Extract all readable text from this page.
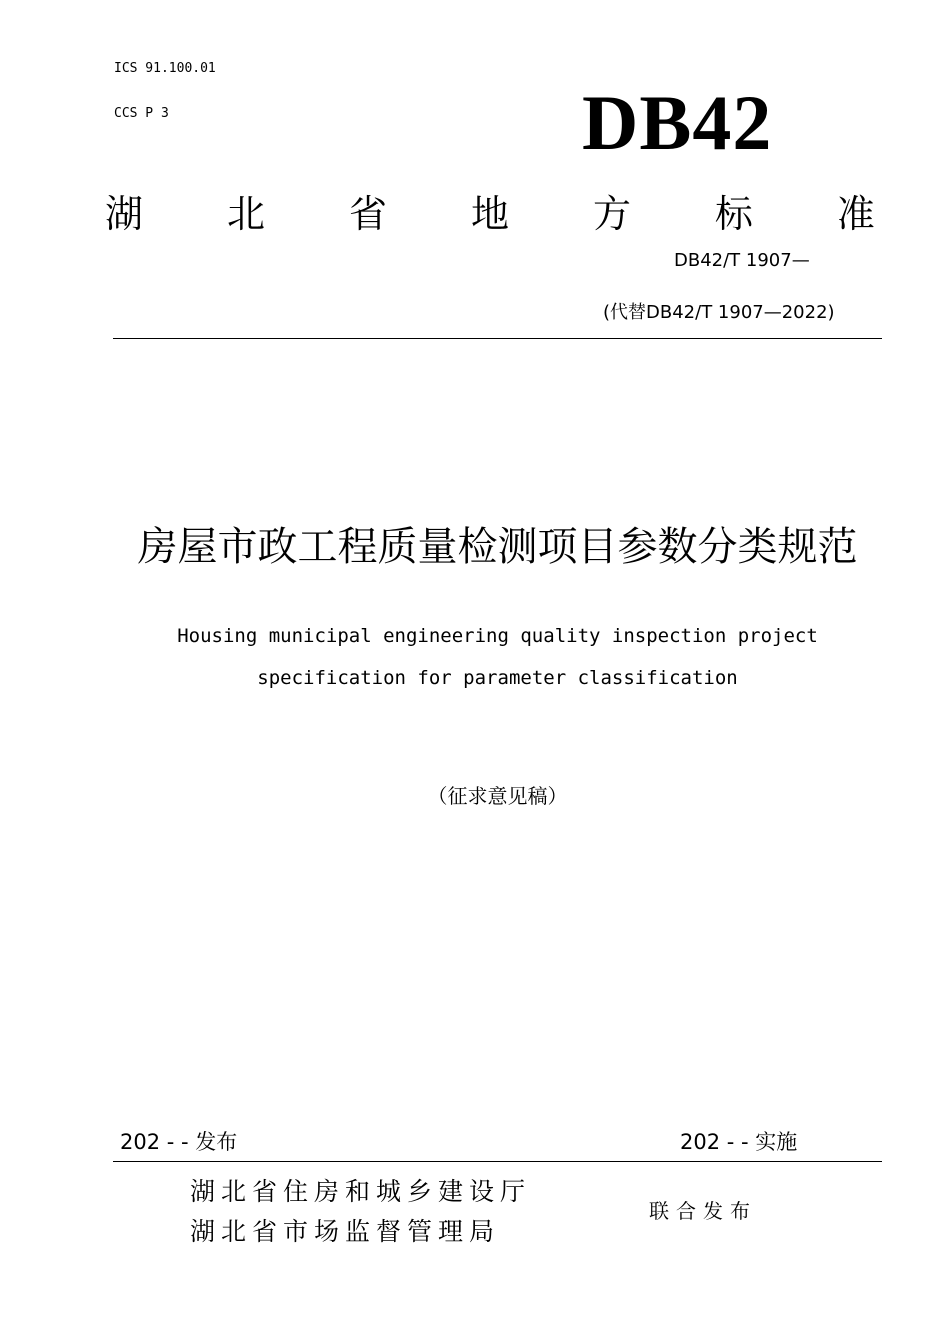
ICS 91.100.01
CCS P 3	DB42
湖 北 省 地 方 标 准
DB42/T 1907—
(代替DB42/T 1907—2022)
房屋市政工程质量检测项目参数分类规范
Housing municipal engineering quality inspection project
specification for parameter classification
（征求意见稿）
202 - - 发布	202 - - 实施
湖北省住房和城乡建设厅
湖北省市场监督管理局
联合发布
